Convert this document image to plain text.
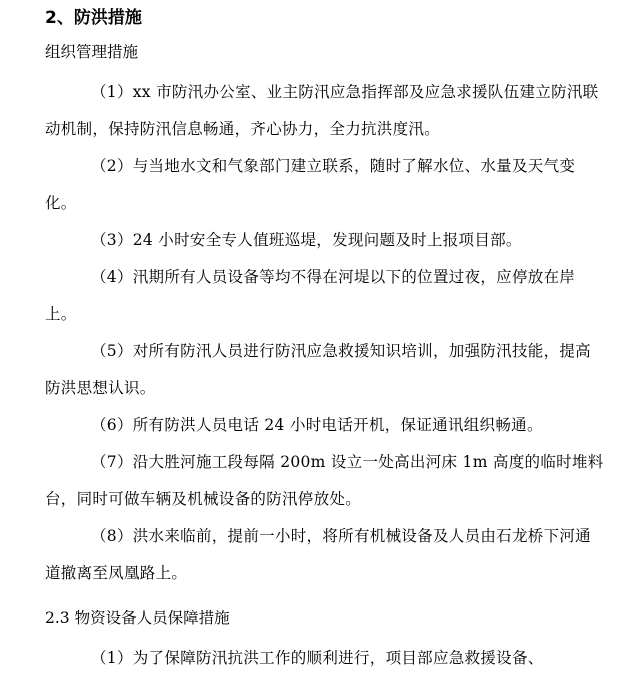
2、防洪措施
组织管理措施

（1）xx 市防汛办公室、业主防汛应急指挥部及应急求援队伍建立防汛联动机制，保持防汛信息畅通，齐心协力，全力抗洪度汛。

（2）与当地水文和气象部门建立联系，随时了解水位、水量及天气变化。

（3）24 小时安全专人值班巡堤，发现问题及时上报项目部。

（4）汛期所有人员设备等均不得在河堤以下的位置过夜，应停放在岸上。

（5）对所有防汛人员进行防汛应急救援知识培训，加强防汛技能，提高防洪思想认识。

（6）所有防洪人员电话 24 小时电话开机，保证通讯组织畅通。

（7）沿大胜河施工段每隔 200m 设立一处高出河床 1m 高度的临时堆料台，同时可做车辆及机械设备的防汛停放处。

（8）洪水来临前，提前一小时，将所有机械设备及人员由石龙桥下河通道撤离至凤凰路上。

2.3 物资设备人员保障措施

（1）为了保障防汛抗洪工作的顺利进行，项目部应急救援设备、
